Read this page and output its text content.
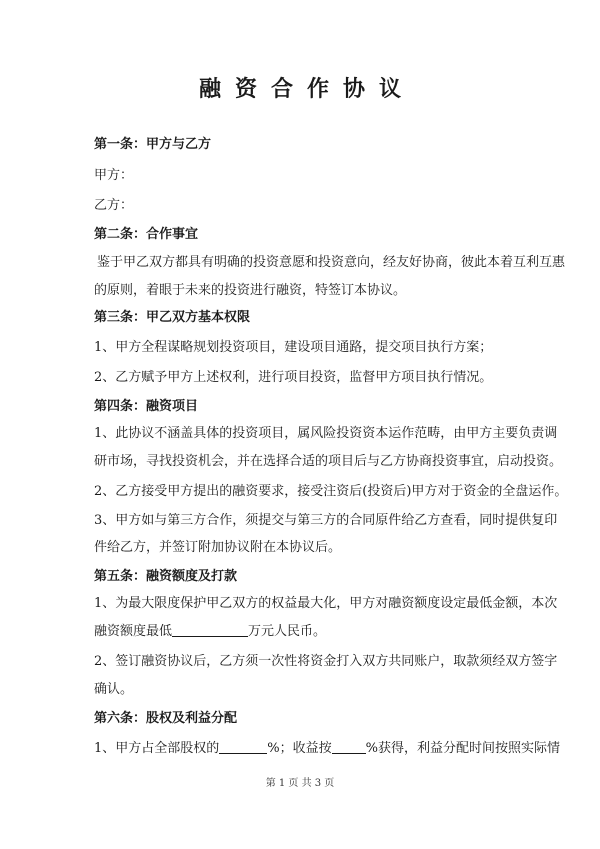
融资合作协议
第一条：甲方与乙方
甲方：
乙方：
第二条：合作事宜
鉴于甲乙双方都具有明确的投资意愿和投资意向，经友好协商，彼此本着互利互惠
的原则，着眼于未来的投资进行融资，特签订本协议。
第三条：甲乙双方基本权限
1、甲方全程谋略规划投资项目，建设项目通路，提交项目执行方案；
2、乙方赋予甲方上述权利，进行项目投资，监督甲方项目执行情况。
第四条：融资项目
1、此协议不涵盖具体的投资项目，属风险投资资本运作范畴，由甲方主要负责调
研市场，寻找投资机会，并在选择合适的项目后与乙方协商投资事宜，启动投资。
2、乙方接受甲方提出的融资要求，接受注资后(投资后)甲方对于资金的全盘运作。
3、甲方如与第三方合作，须提交与第三方的合同原件给乙方查看，同时提供复印
件给乙方，并签订附加协议附在本协议后。
第五条：融资额度及打款
1、为最大限度保护甲乙双方的权益最大化，甲方对融资额度设定最低金额，本次
融资额度最低	万元人民币。
2、签订融资协议后，乙方须一次性将资金打入双方共同账户，取款须经双方签字
确认。
第六条：股权及利益分配
1、甲方占全部股权的	%；收益按	%获得，利益分配时间按照实际情
第 1 页 共 3 页
